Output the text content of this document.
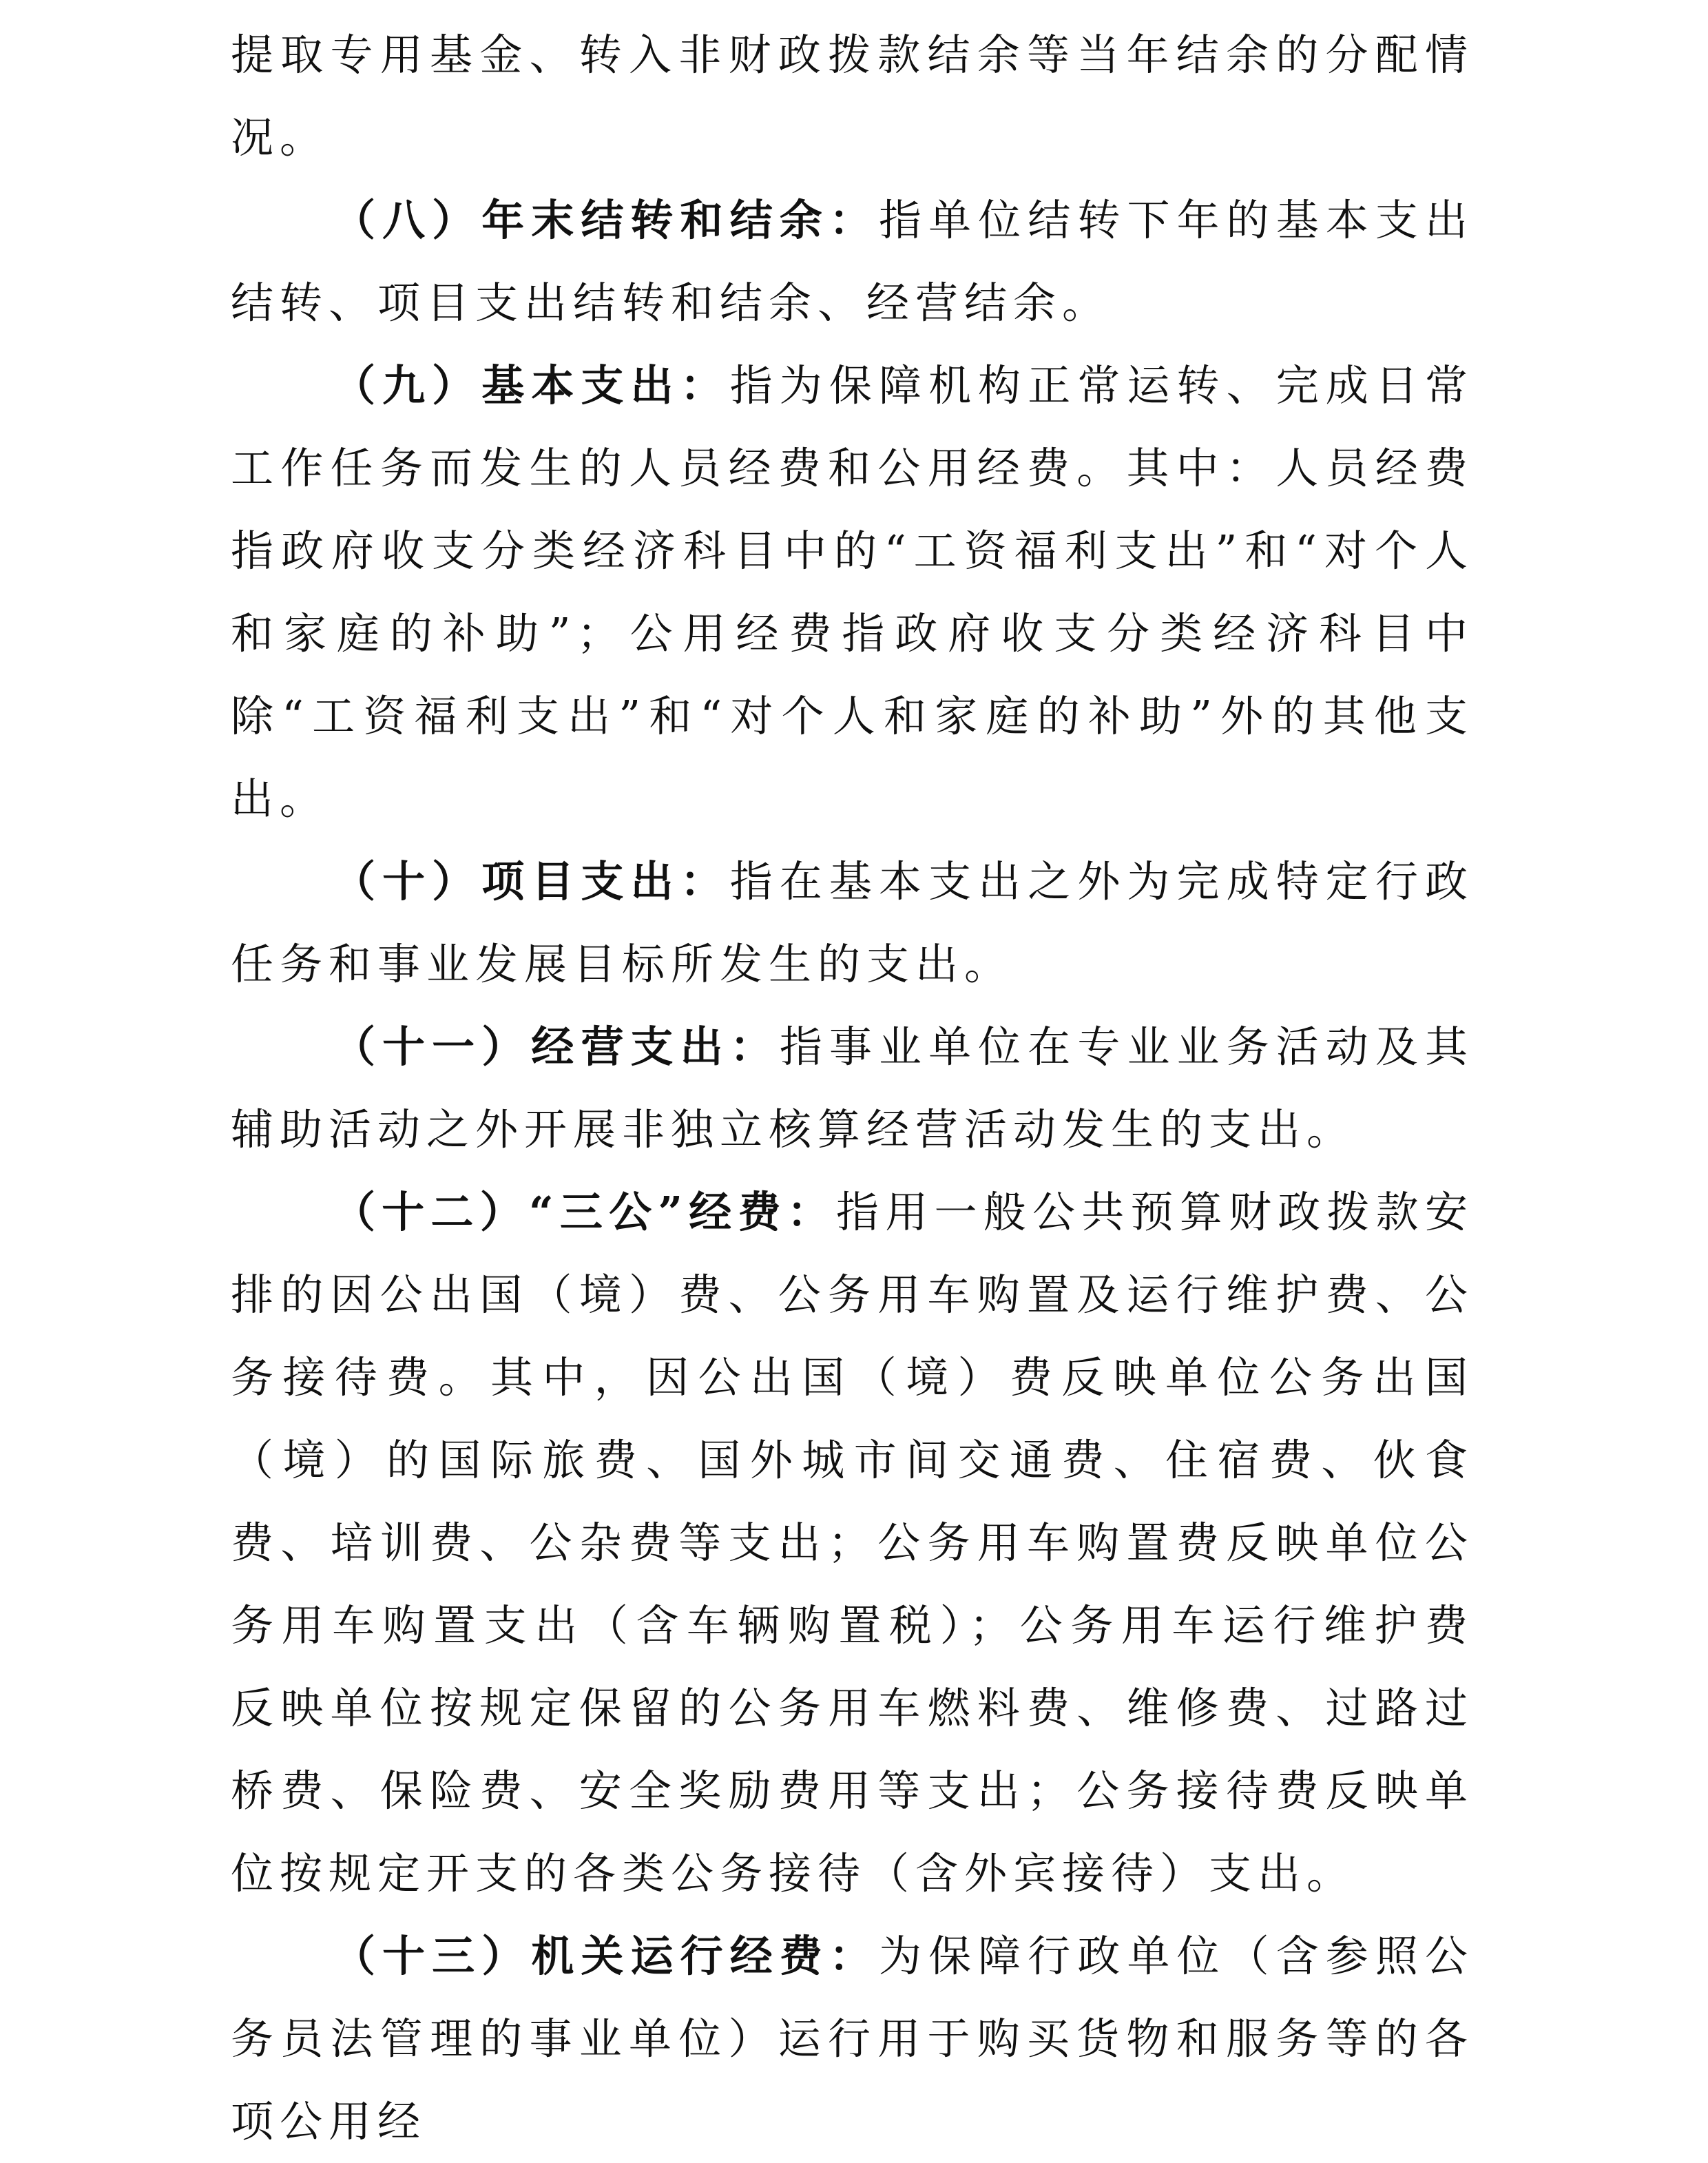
提取专用基金、转入非财政拨款结余等当年结余的分配情况。

（八）年末结转和结余：指单位结转下年的基本支出结转、项目支出结转和结余、经营结余。

（九）基本支出：指为保障机构正常运转、完成日常工作任务而发生的人员经费和公用经费。其中：人员经费指政府收支分类经济科目中的“工资福利支出”和“对个人和家庭的补助”；公用经费指政府收支分类经济科目中除“工资福利支出”和“对个人和家庭的补助”外的其他支出。

（十）项目支出：指在基本支出之外为完成特定行政任务和事业发展目标所发生的支出。

（十一）经营支出：指事业单位在专业业务活动及其辅助活动之外开展非独立核算经营活动发生的支出。

（十二）“三公”经费：指用一般公共预算财政拨款安排的因公出国（境）费、公务用车购置及运行维护费、公务接待费。其中，因公出国（境）费反映单位公务出国（境）的国际旅费、国外城市间交通费、住宿费、伙食费、培训费、公杂费等支出；公务用车购置费反映单位公务用车购置支出（含车辆购置税）；公务用车运行维护费反映单位按规定保留的公务用车燃料费、维修费、过路过桥费、保险费、安全奖励费用等支出；公务接待费反映单位按规定开支的各类公务接待（含外宾接待）支出。

（十三）机关运行经费：为保障行政单位（含参照公务员法管理的事业单位）运行用于购买货物和服务等的各项公用经
